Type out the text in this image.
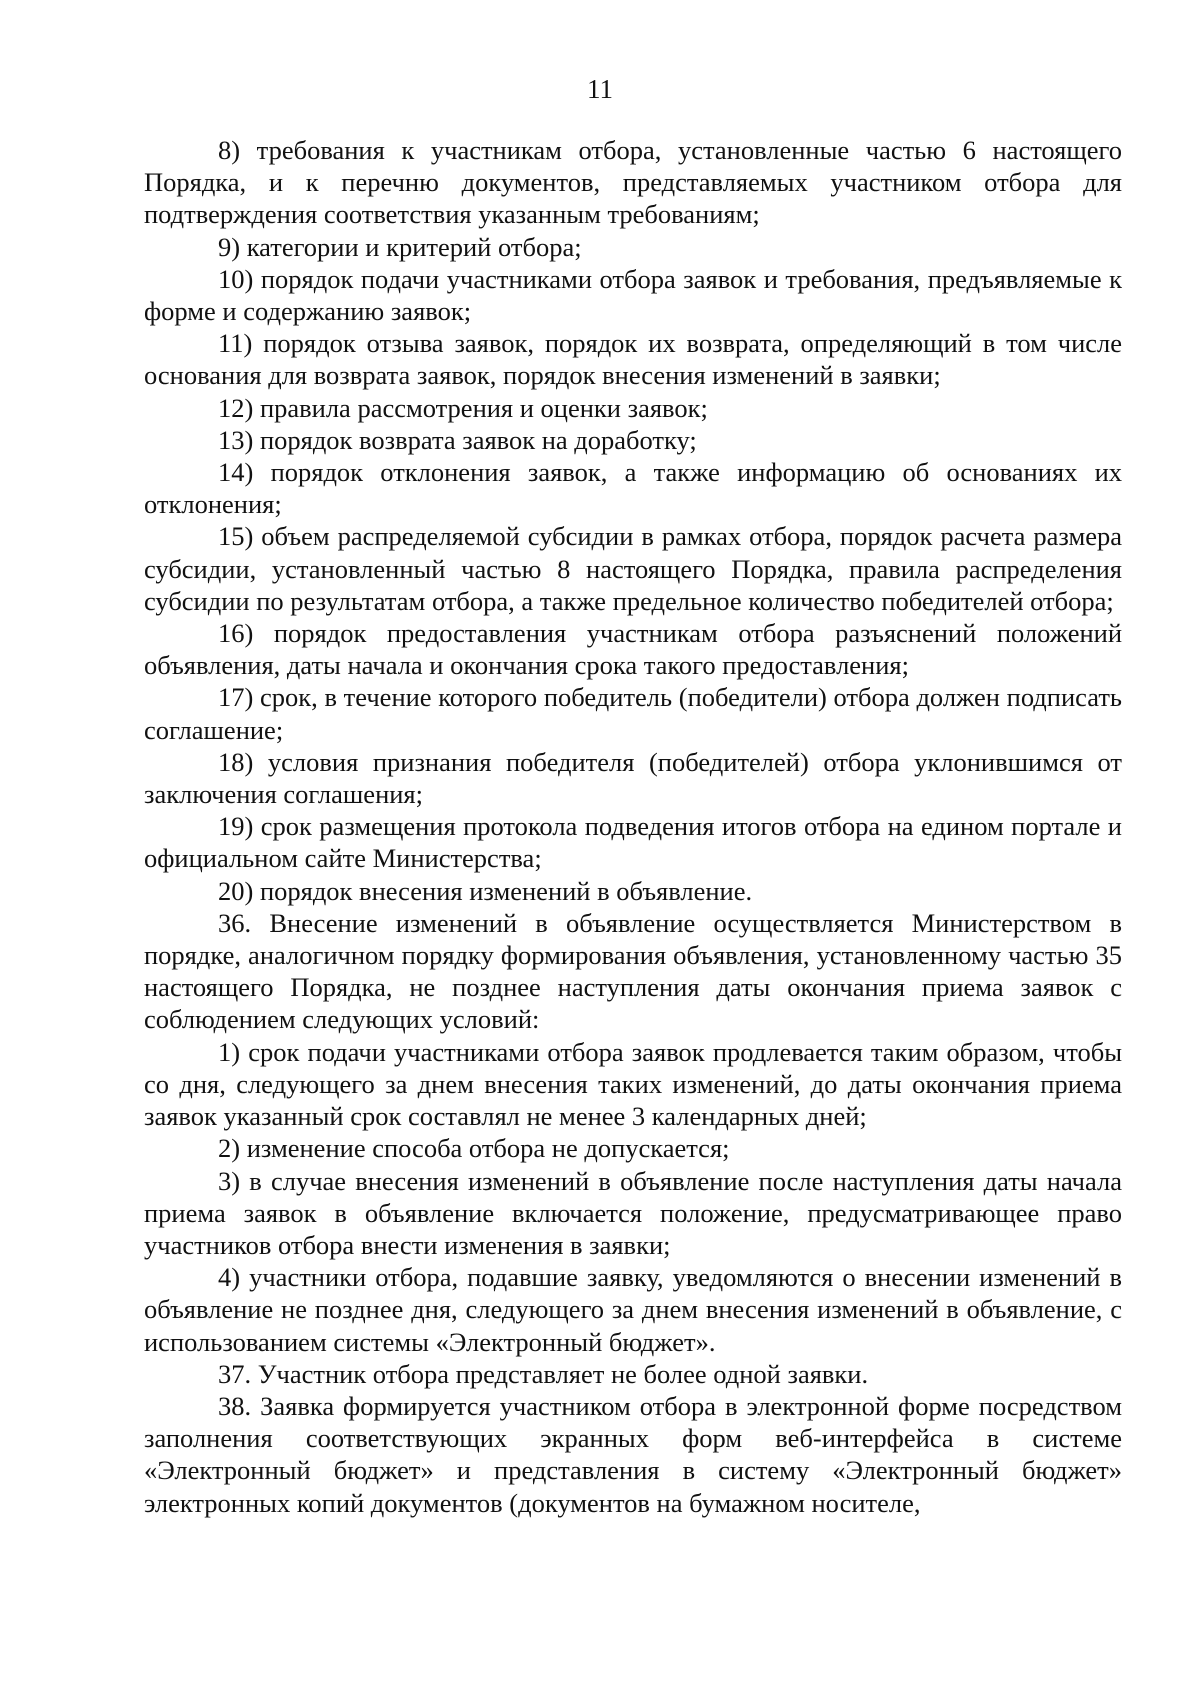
11

8) требования к участникам отбора, установленные частью 6 настоящего Порядка, и к перечню документов, представляемых участником отбора для подтверждения соответствия указанным требованиям;

9) категории и критерий отбора;

10) порядок подачи участниками отбора заявок и требования, предъявляемые к форме и содержанию заявок;

11) порядок отзыва заявок, порядок их возврата, определяющий в том числе основания для возврата заявок, порядок внесения изменений в заявки;

12) правила рассмотрения и оценки заявок;

13) порядок возврата заявок на доработку;

14) порядок отклонения заявок, а также информацию об основаниях их отклонения;

15) объем распределяемой субсидии в рамках отбора, порядок расчета размера субсидии, установленный частью 8 настоящего Порядка, правила распределения субсидии по результатам отбора, а также предельное количество победителей отбора;

16) порядок предоставления участникам отбора разъяснений положений объявления, даты начала и окончания срока такого предоставления;

17) срок, в течение которого победитель (победители) отбора должен подписать соглашение;

18) условия признания победителя (победителей) отбора уклонившимся от заключения соглашения;

19) срок размещения протокола подведения итогов отбора на едином портале и официальном сайте Министерства;

20) порядок внесения изменений в объявление.

36. Внесение изменений в объявление осуществляется Министерством в порядке, аналогичном порядку формирования объявления, установленному частью 35 настоящего Порядка, не позднее наступления даты окончания приема заявок с соблюдением следующих условий:

1) срок подачи участниками отбора заявок продлевается таким образом, чтобы со дня, следующего за днем внесения таких изменений, до даты окончания приема заявок указанный срок составлял не менее 3 календарных дней;

2) изменение способа отбора не допускается;

3) в случае внесения изменений в объявление после наступления даты начала приема заявок в объявление включается положение, предусматривающее право участников отбора внести изменения в заявки;

4) участники отбора, подавшие заявку, уведомляются о внесении изменений в объявление не позднее дня, следующего за днем внесения изменений в объявление, с использованием системы «Электронный бюджет».

37. Участник отбора представляет не более одной заявки.

38. Заявка формируется участником отбора в электронной форме посредством заполнения соответствующих экранных форм веб-интерфейса в системе «Электронный бюджет» и представления в систему «Электронный бюджет» электронных копий документов (документов на бумажном носителе,
